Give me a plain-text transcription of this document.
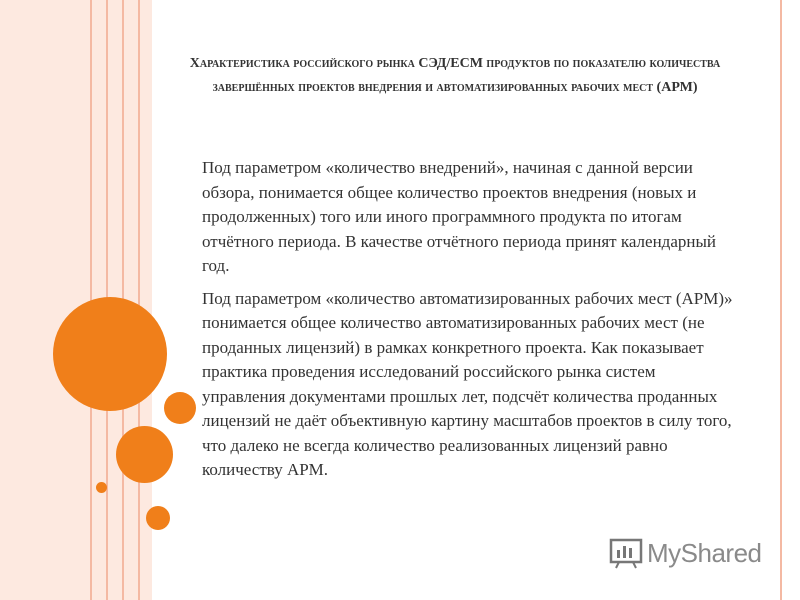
Характеристика российского рынка СЭД/ECM продуктов по показателю количества завершённых проектов внедрения и автоматизированных рабочих мест (АРМ)

Под параметром «количество внедрений», начиная с данной версии обзора, понимается общее количество проектов внедрения (новых и продолженных) того или иного программного продукта по итогам отчётного периода. В качестве отчётного периода принят календарный год.

Под параметром «количество автоматизированных рабочих мест (АРМ)» понимается общее количество автоматизированных рабочих мест (не проданных лицензий) в рамках конкретного проекта. Как показывает практика проведения исследований российского рынка систем управления документами прошлых лет, подсчёт количества проданных лицензий не даёт объективную картину масштабов проектов в силу того, что далеко не всегда количество реализованных лицензий равно количеству АРМ.

MyShared
